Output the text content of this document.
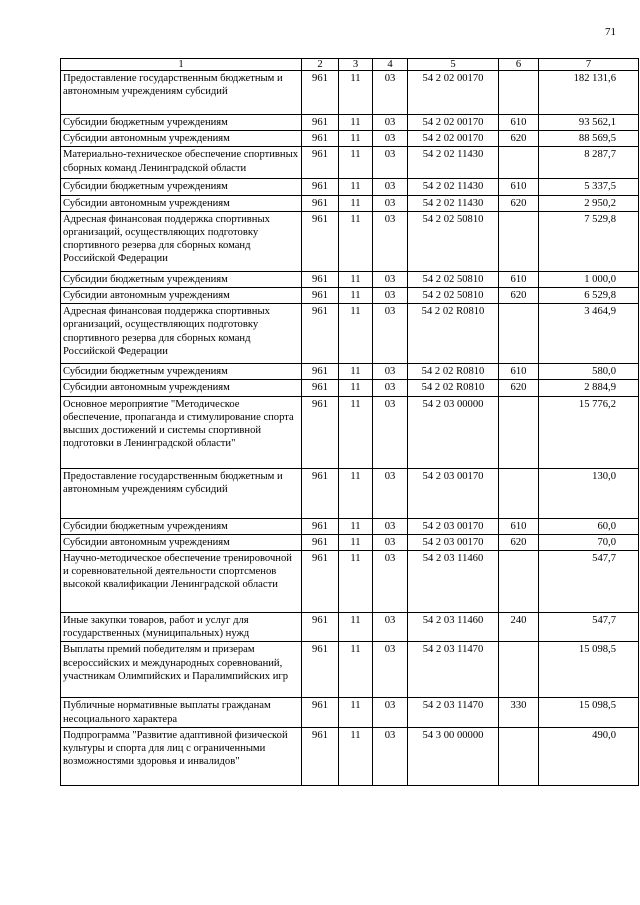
71
1	2	3	4	5	6	7
Предоставление государственным бюджетным и автономным учреждениям субсидий	961	11	03	54 2 02 00170		182 131,6
Субсидии бюджетным учреждениям	961	11	03	54 2 02 00170	610	93 562,1
Субсидии автономным учреждениям	961	11	03	54 2 02 00170	620	88 569,5
Материально-техническое обеспечение спортивных сборных команд Ленинградской области	961	11	03	54 2 02 11430		8 287,7
Субсидии бюджетным учреждениям	961	11	03	54 2 02 11430	610	5 337,5
Субсидии автономным учреждениям	961	11	03	54 2 02 11430	620	2 950,2
Адресная финансовая поддержка спортивных организаций, осуществляющих подготовку спортивного резерва для сборных команд Российской Федерации	961	11	03	54 2 02 50810		7 529,8
Субсидии бюджетным учреждениям	961	11	03	54 2 02 50810	610	1 000,0
Субсидии автономным учреждениям	961	11	03	54 2 02 50810	620	6 529,8
Адресная финансовая поддержка спортивных организаций, осуществляющих подготовку спортивного резерва для сборных команд Российской Федерации	961	11	03	54 2 02 R0810		3 464,9
Субсидии бюджетным учреждениям	961	11	03	54 2 02 R0810	610	580,0
Субсидии автономным учреждениям	961	11	03	54 2 02 R0810	620	2 884,9
Основное мероприятие "Методическое обеспечение, пропаганда и стимулирование спорта высших достижений и системы спортивной подготовки в Ленинградской области"	961	11	03	54 2 03 00000		15 776,2
Предоставление государственным бюджетным и автономным учреждениям субсидий	961	11	03	54 2 03 00170		130,0
Субсидии бюджетным учреждениям	961	11	03	54 2 03 00170	610	60,0
Субсидии автономным учреждениям	961	11	03	54 2 03 00170	620	70,0
Научно-методическое обеспечение тренировочной и соревновательной деятельности спортсменов высокой квалификации Ленинградской области	961	11	03	54 2 03 11460		547,7
Иные закупки товаров, работ и услуг для государственных (муниципальных) нужд	961	11	03	54 2 03 11460	240	547,7
Выплаты премий победителям и призерам всероссийских и международных соревнований, участникам Олимпийских и Паралимпийских игр	961	11	03	54 2 03 11470		15 098,5
Публичные нормативные выплаты гражданам несоциального характера	961	11	03	54 2 03 11470	330	15 098,5
Подпрограмма "Развитие адаптивной физической культуры и спорта для лиц с ограниченными возможностями здоровья и инвалидов"	961	11	03	54 3 00 00000		490,0
